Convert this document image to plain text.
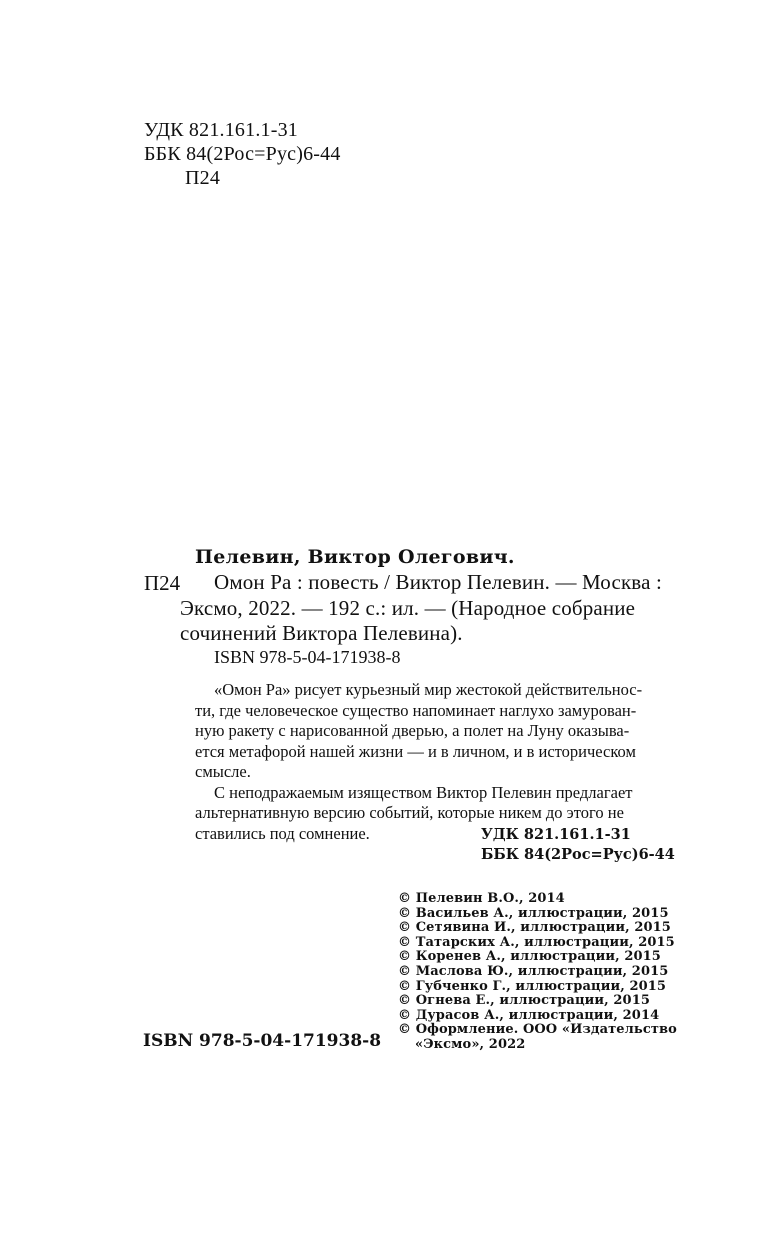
УДК 821.161.1-31
ББК 84(2Рос=Рус)6-44
П24
Пелевин, Виктор Олегович.
П24 Омон Ра : повесть / Виктор Пелевин. — Москва :
Эксмо, 2022. — 192 с.: ил. — (Народное собрание
сочинений Виктора Пелевина).
ISBN 978-5-04-171938-8
«Омон Ра» рисует курьезный мир жестокой действительнос-
ти, где человеческое существо напоминает наглухо замурован-
ную ракету с нарисованной дверью, а полет на Луну оказыва-
ется метафорой нашей жизни — и в личном, и в историческом
смысле.
С неподражаемым изяществом Виктор Пелевин предлагает
альтернативную версию событий, которые никем до этого не
ставились под сомнение.	УДК 821.161.1-31
ББК 84(2Рос=Рус)6-44
© Пелевин В.О., 2014
© Васильев А., иллюстрации, 2015
© Сетявина И., иллюстрации, 2015
© Татарских А., иллюстрации, 2015
© Коренев А., иллюстрации, 2015
© Маслова Ю., иллюстрации, 2015
© Губченко Г., иллюстрации, 2015
© Огнева Е., иллюстрации, 2015
© Дурасов А., иллюстрации, 2014
© Оформление. ООО «Издательство
«Эксмо», 2022
ISBN 978-5-04-171938-8
